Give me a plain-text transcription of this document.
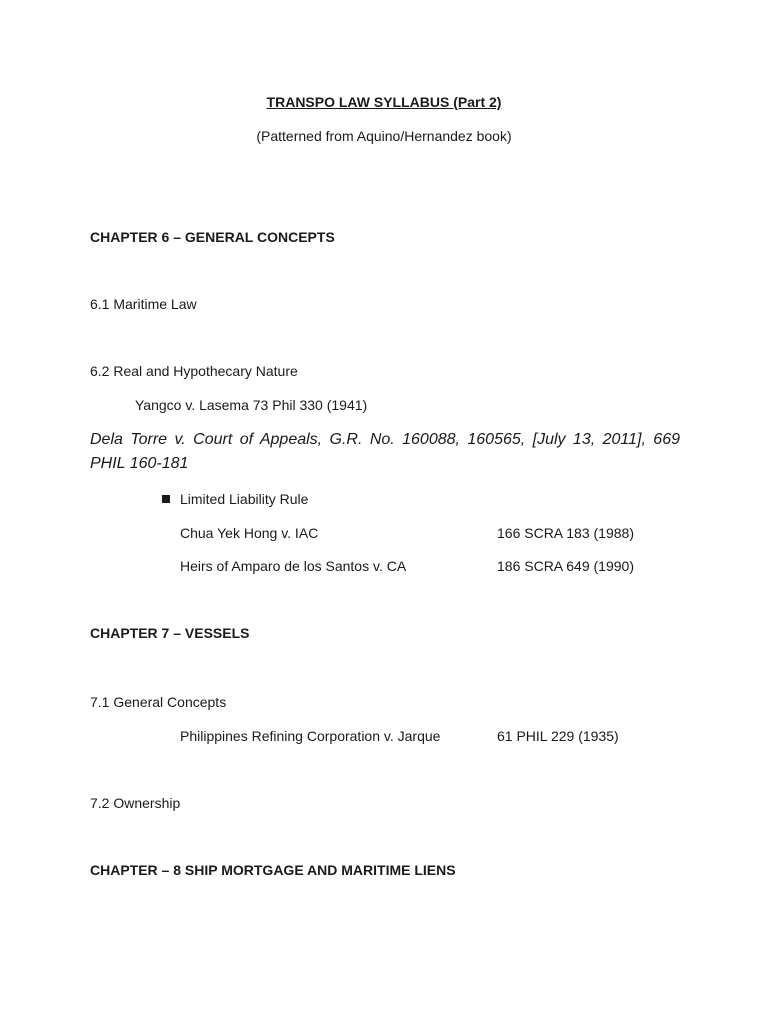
TRANSPO LAW SYLLABUS (Part 2)
(Patterned from Aquino/Hernandez book)
CHAPTER 6 – GENERAL CONCEPTS
6.1 Maritime Law
6.2 Real and Hypothecary Nature
Yangco v. Lasema 73 Phil 330 (1941)
Dela Torre v. Court of Appeals, G.R. No. 160088, 160565, [July 13, 2011], 669 PHIL 160-181
Limited Liability Rule
Chua Yek Hong v. IAC	166 SCRA 183 (1988)
Heirs of Amparo de los Santos v. CA	186 SCRA 649 (1990)
CHAPTER 7 – VESSELS
7.1 General Concepts
Philippines Refining Corporation v. Jarque	61 PHIL 229 (1935)
7.2 Ownership
CHAPTER – 8 SHIP MORTGAGE AND MARITIME LIENS
